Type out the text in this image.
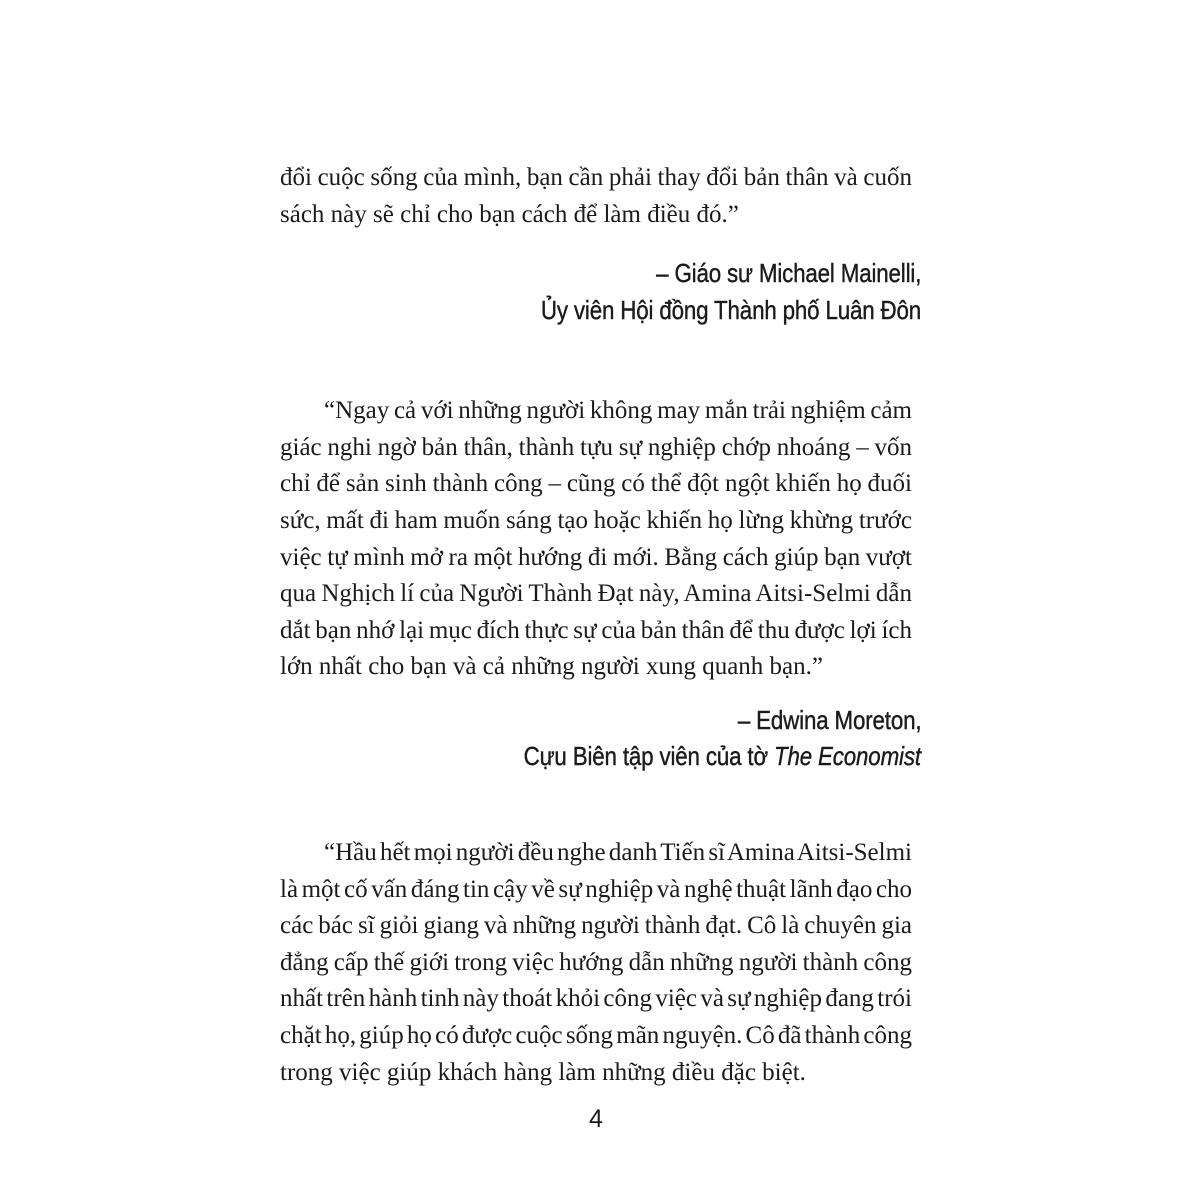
đổi cuộc sống của mình, bạn cần phải thay đổi bản thân và cuốn
sách này sẽ chỉ cho bạn cách để làm điều đó.”
– Giáo sư Michael Mainelli,
Ủy viên Hội đồng Thành phố Luân Đôn
“Ngay cả với những người không may mắn trải nghiệm cảm
giác nghi ngờ bản thân, thành tựu sự nghiệp chớp nhoáng – vốn
chỉ để sản sinh thành công – cũng có thể đột ngột khiến họ đuối
sức, mất đi ham muốn sáng tạo hoặc khiến họ lừng khừng trước
việc tự mình mở ra một hướng đi mới. Bằng cách giúp bạn vượt
qua Nghịch lí của Người Thành Đạt này, Amina Aitsi-Selmi dẫn
dắt bạn nhớ lại mục đích thực sự của bản thân để thu được lợi ích
lớn nhất cho bạn và cả những người xung quanh bạn.”
– Edwina Moreton,
Cựu Biên tập viên của tờ The Economist
“Hầu hết mọi người đều nghe danh Tiến sĩ Amina Aitsi-Selmi
là một cố vấn đáng tin cậy về sự nghiệp và nghệ thuật lãnh đạo cho
các bác sĩ giỏi giang và những người thành đạt. Cô là chuyên gia
đẳng cấp thế giới trong việc hướng dẫn những người thành công
nhất trên hành tinh này thoát khỏi công việc và sự nghiệp đang trói
chặt họ, giúp họ có được cuộc sống mãn nguyện. Cô đã thành công
trong việc giúp khách hàng làm những điều đặc biệt.
4
